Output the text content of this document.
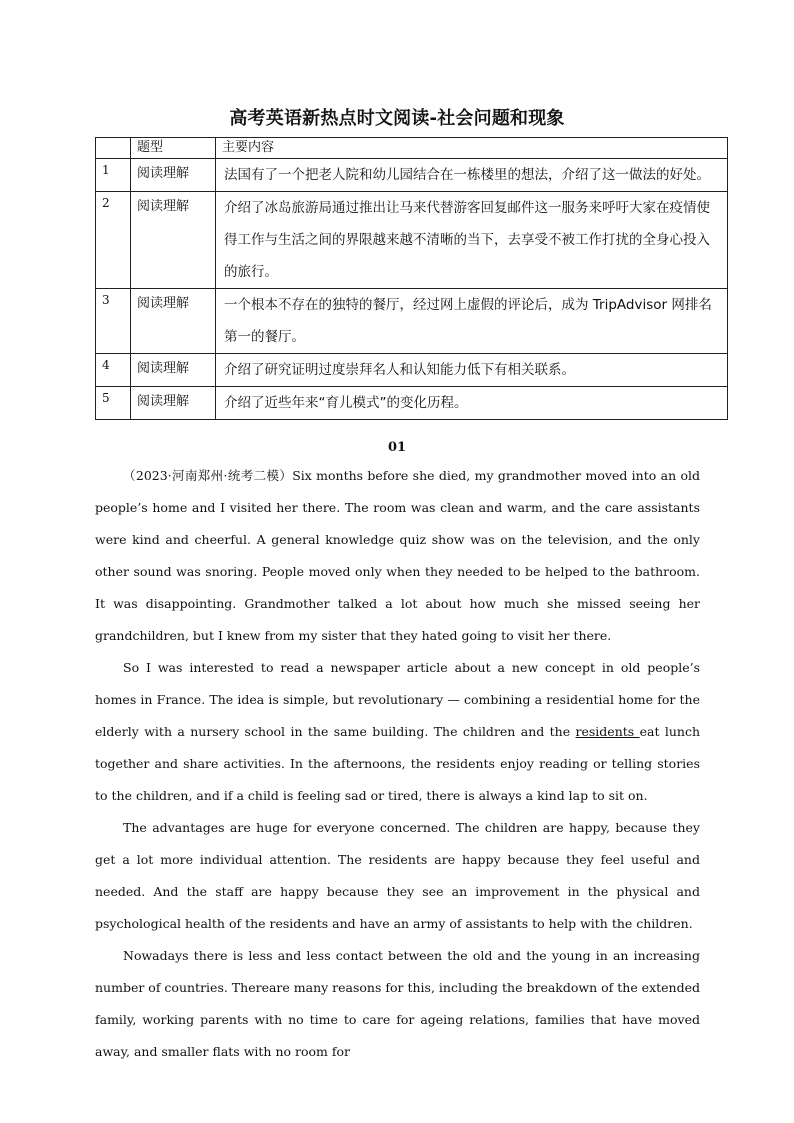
高考英语新热点时文阅读-社会问题和现象
	题型	主要内容
1	阅读理解	法国有了一个把老人院和幼儿园结合在一栋楼里的想法，介绍了这一做法的好处。
2	阅读理解	介绍了冰岛旅游局通过推出让马来代替游客回复邮件这一服务来呼吁大家在疫情使得工作与生活之间的界限越来越不清晰的当下，去享受不被工作打扰的全身心投入的旅行。
3	阅读理解	一个根本不存在的独特的餐厅，经过网上虚假的评论后，成为 TripAdvisor 网排名第一的餐厅。
4	阅读理解	介绍了研究证明过度崇拜名人和认知能力低下有相关联系。
5	阅读理解	介绍了近些年来“育儿模式”的变化历程。
01

（2023·河南郑州·统考二模）Six months before she died, my grandmother moved into an old people’s home and I visited her there. The room was clean and warm, and the care assistants were kind and cheerful. A general knowledge quiz show was on the television, and the only other sound was snoring. People moved only when they needed to be helped to the bathroom. It was disappointing. Grandmother talked a lot about how much she missed seeing her grandchildren, but I knew from my sister that they hated going to visit her there.

So I was interested to read a newspaper article about a new concept in old people’s homes in France. The idea is simple, but revolutionary — combining a residential home for the elderly with a nursery school in the same building. The children and the residents eat lunch together and share activities. In the afternoons, the residents enjoy reading or telling stories to the children, and if a child is feeling sad or tired, there is always a kind lap to sit on.

The advantages are huge for everyone concerned. The children are happy, because they get a lot more individual attention. The residents are happy because they feel useful and needed. And the staff are happy because they see an improvement in the physical and psychological health of the residents and have an army of assistants to help with the children.

Nowadays there is less and less contact between the old and the young in an increasing number of countries. Thereare many reasons for this, including the breakdown of the extended family, working parents with no time to care for ageing relations, families that have moved away, and smaller flats with no room for
